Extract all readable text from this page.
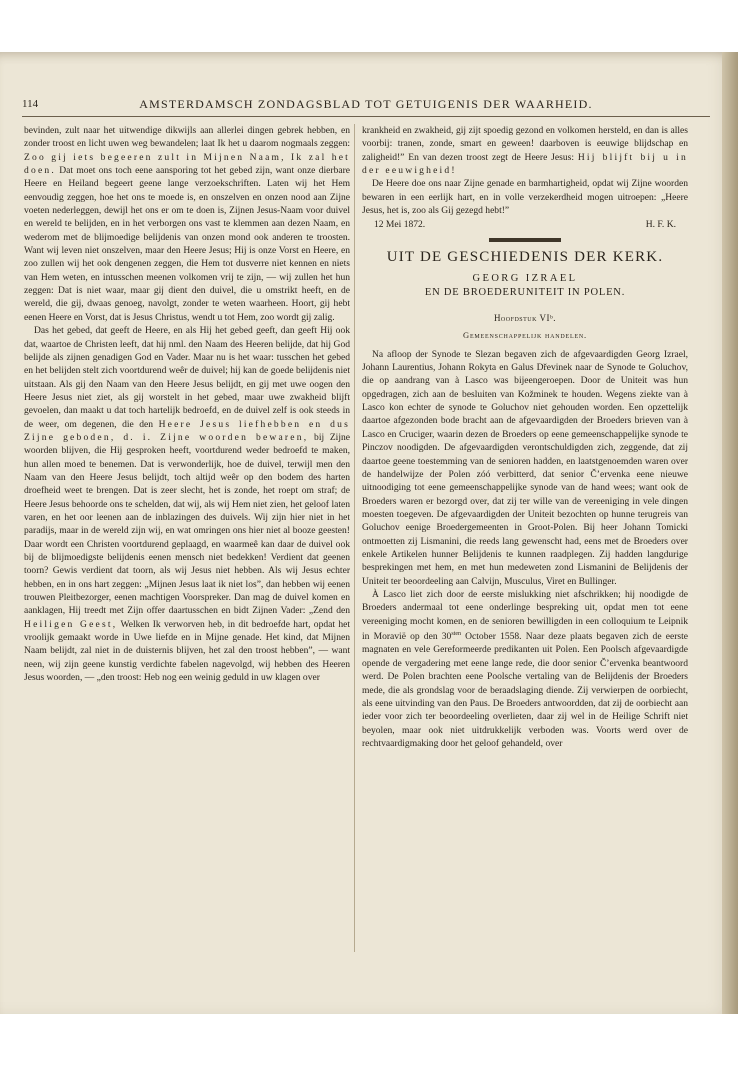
114	AMSTERDAMSCH ZONDAGSBLAD TOT GETUIGENIS DER WAARHEID.

bevinden, zult naar het uitwendige dikwijls aan allerlei dingen gebrek hebben, en zonder troost en licht uwen weg bewandelen; laat Ik het u daarom nogmaals zeggen: Zoo gij iets begeeren zult in Mijnen Naam, Ik zal het doen. Dat moet ons toch eene aansporing tot het gebed zijn, want onze dierbare Heere en Heiland begeert geene lange verzoekschriften. Laten wij het Hem eenvoudig zeggen, hoe het ons te moede is, en onszelven en onzen nood aan Zijne voeten nederleggen, dewijl het ons er om te doen is, Zijnen Jesus-Naam voor duivel en wereld te belijden, en in het verborgen ons vast te klemmen aan dezen Naam, en wederom met de blijmoedige belijdenis van onzen mond ook anderen te troosten. Want wij leven niet onszelven, maar den Heere Jesus; Hij is onze Vorst en Heere, en zoo zullen wij het ook dengenen zeggen, die Hem tot dusverre niet kennen en niets van Hem weten, en intusschen meenen volkomen vrij te zijn, — wij zullen het hun zeggen: Dat is niet waar, maar gij dient den duivel, die u omstrikt heeft, en de wereld, die gij, dwaas genoeg, navolgt, zonder te weten waarheen. Hoort, gij hebt eenen Heere en Vorst, dat is Jesus Christus, wendt u tot Hem, zoo wordt gij zalig.

Das het gebed, dat geeft de Heere, en als Hij het gebed geeft, dan geeft Hij ook dat, waartoe de Christen leeft, dat hij nml. den Naam des Heeren belijde, dat hij God belijde als zijnen genadigen God en Vader. Maar nu is het waar: tusschen het gebed en het belijden stelt zich voortdurend weêr de duivel; hij kan de goede belijdenis niet uitstaan. Als gij den Naam van den Heere Jesus belijdt, en gij met uwe oogen den Heere Jesus niet ziet, als gij worstelt in het gebed, maar uwe zwakheid blijft gevoelen, dan maakt u dat toch hartelijk bedroefd, en de duivel zelf is ook steeds in de weer, om degenen, die den Heere Jesus liefhebben en dus Zijne geboden, d. i. Zijne woorden bewaren, bij Zijne woorden blijven, die Hij gesproken heeft, voortdurend weder bedroefd te maken, hun allen moed te benemen. Dat is verwonderlijk, hoe de duivel, terwijl men den Naam van den Heere Jesus belijdt, toch altijd weêr op den bodem des harten droefheid weet te brengen. Dat is zeer slecht, het is zonde, het roept om straf; de Heere Jesus behoorde ons te schelden, dat wij, als wij Hem niet zien, het geloof laten varen, en het oor leenen aan de inblazingen des duivels. Wij zijn hier niet in het paradijs, maar in de wereld zijn wij, en wat omringen ons hier niet al booze geesten! Daar wordt een Christen voortdurend geplaagd, en waarmeê kan daar de duivel ook bij de blijmoedigste belijdenis eenen mensch niet bedekken! Verdient dat geenen toorn? Gewis verdient dat toorn, als wij Jesus niet hebben. Als wij Jesus echter hebben, en in ons hart zeggen: „Mijnen Jesus laat ik niet los”, dan hebben wij eenen trouwen Pleitbezorger, eenen machtigen Voorspreker. Dan mag de duivel komen en aanklagen, Hij treedt met Zijn offer daartusschen en bidt Zijnen Vader: „Zend den Heiligen Geest, Welken Ik verworven heb, in dit bedroefde hart, opdat het vroolijk gemaakt worde in Uwe liefde en in Mijne genade. Het kind, dat Mijnen Naam belijdt, zal niet in de duisternis blijven, het zal den troost hebben”, — want neen, wij zijn geene kunstig verdichte fabelen nagevolgd, wij hebben des Heeren Jesus woorden, — „den troost: Heb nog een weinig geduld in uw klagen over

krankheid en zwakheid, gij zijt spoedig gezond en volkomen hersteld, en dan is alles voorbij: tranen, zonde, smart en geween! daarboven is eeuwige blijdschap en zaligheid!” En van dezen troost zegt de Heere Jesus: Hij blijft bij u in der eeuwigheid!

De Heere doe ons naar Zijne genade en barmhartigheid, opdat wij Zijne woorden bewaren in een eerlijk hart, en in volle verzekerdheid mogen uitroepen: „Heere Jesus, het is, zoo als Gij gezegd hebt!”

12 Mei 1872.	H. F. K.
UIT DE GESCHIEDENIS DER KERK.
GEORG IZRAEL
EN DE BROEDERUNITEIT IN POLEN.
Hoofdstuk VIᵇ.
Gemeenschappelijk handelen.

Na afloop der Synode te Slezan begaven zich de afgevaardigden Georg Izrael, Johann Laurentius, Johann Rokyta en Galus Dřevinek naar de Synode te Goluchov, die op aandrang van à Lasco was bijeengeroepen. Door de Uniteit was hun opgedragen, zich aan de besluiten van Kožminek te houden. Wegens ziekte van à Lasco kon echter de synode te Goluchov niet gehouden worden. Een opzettelijk daartoe afgezonden bode bracht aan de afgevaardigden der Broeders brieven van à Lasco en Cruciger, waarin dezen de Broeders op eene gemeenschappelijke synode te Pinczov noodigden. De afgevaardigden verontschuldigden zich, zeggende, dat zij daartoe geene toestemming van de senioren hadden, en laatstgenoemden waren over de handelwijze der Polen zóó verbitterd, dat senior Č’ervenka eene nieuwe uitnoodiging tot eene gemeenschappelijke synode van de hand wees; want ook de Broeders waren er bezorgd over, dat zij ter wille van de vereeniging in vele dingen moesten toegeven. De afgevaardigden der Uniteit bezochten op hunne terugreis van Goluchov eenige Broedergemeenten in Groot-Polen. Bij heer Johann Tomicki ontmoetten zij Lismanini, die reeds lang gewenscht had, eens met de Broeders over enkele Artikelen hunner Belijdenis te kunnen raadplegen. Zij hadden langdurige besprekingen met hem, en met hun medeweten zond Lismanini de Belijdenis der Uniteit ter beoordeeling aan Calvijn, Musculus, Viret en Bullinger.

À Lasco liet zich door de eerste mislukking niet afschrikken; hij noodigde de Broeders andermaal tot eene onderlinge bespreking uit, opdat men tot eene vereeniging mocht komen, en de senioren bewilligden in een colloquium te Leipnik in Moravië op den $30^{sten}$ October 1558. Naar deze plaats begaven zich de eerste magnaten en vele Gereformeerde predikanten uit Polen. Een Poolsch afgevaardigde opende de vergadering met eene lange rede, die door senior Č’ervenka beantwoord werd. De Polen brachten eene Poolsche vertaling van de Belijdenis der Broeders mede, die als grondslag voor de beraadslaging diende. Zij verwierpen de oorbiecht, als eene uitvinding van den Paus. De Broeders antwoordden, dat zij de oorbiecht aan ieder voor zich ter beoordeeling overlieten, daar zij wel in de Heilige Schrift niet beyolen, maar ook niet uitdrukkelijk verboden was. Voorts werd over de rechtvaardigmaking door het geloof gehandeld, over
